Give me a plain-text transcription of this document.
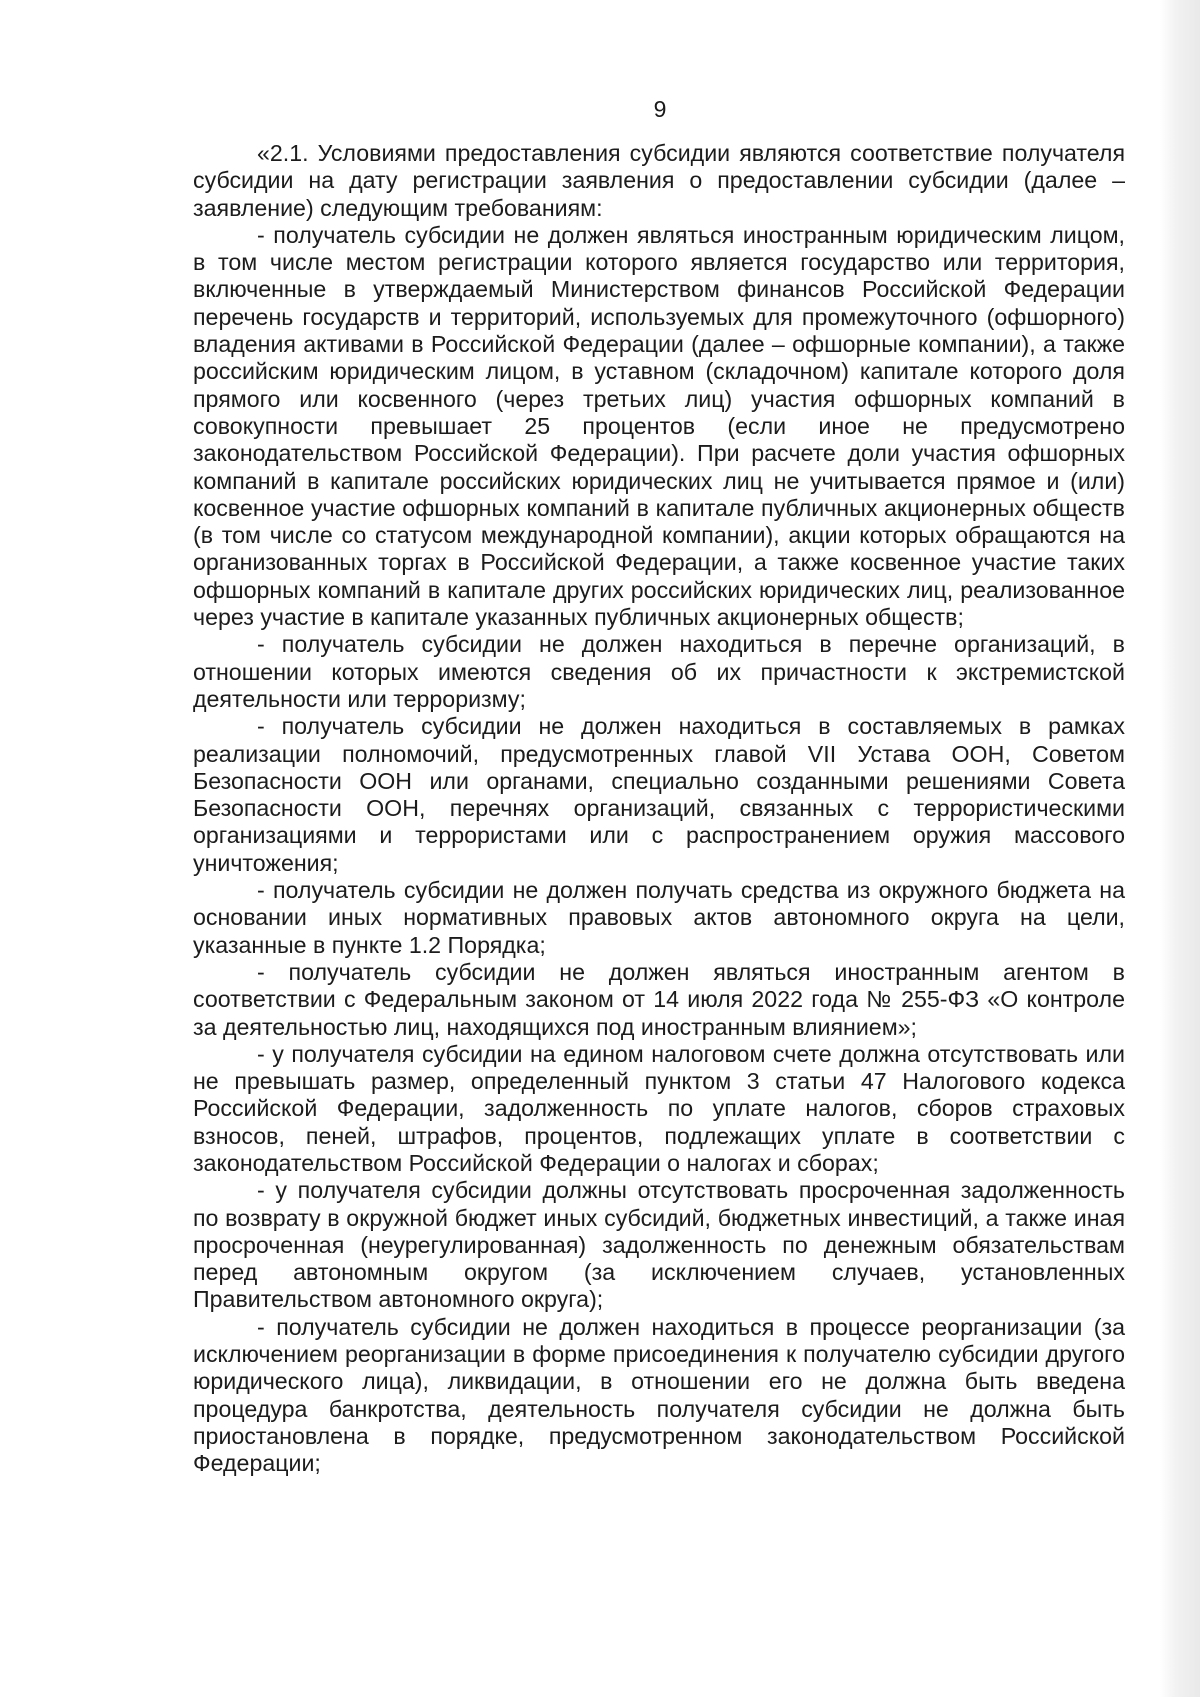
9

«2.1. Условиями предоставления субсидии являются соответствие получателя субсидии на дату регистрации заявления о предоставлении субсидии (далее – заявление) следующим требованиям:

- получатель субсидии не должен являться иностранным юридическим лицом, в том числе местом регистрации которого является государство или территория, включенные в утверждаемый Министерством финансов Российской Федерации перечень государств и территорий, используемых для промежуточного (офшорного) владения активами в Российской Федерации (далее – офшорные компании), а также российским юридическим лицом, в уставном (складочном) капитале которого доля прямого или косвенного (через третьих лиц) участия офшорных компаний в совокупности превышает 25 процентов (если иное не предусмотрено законодательством Российской Федерации). При расчете доли участия офшорных компаний в капитале российских юридических лиц не учитывается прямое и (или) косвенное участие офшорных компаний в капитале публичных акционерных обществ (в том числе со статусом международной компании), акции которых обращаются на организованных торгах в Российской Федерации, а также косвенное участие таких офшорных компаний в капитале других российских юридических лиц, реализованное через участие в капитале указанных публичных акционерных обществ;

- получатель субсидии не должен находиться в перечне организаций, в отношении которых имеются сведения об их причастности к экстремистской деятельности или терроризму;

- получатель субсидии не должен находиться в составляемых в рамках реализации полномочий, предусмотренных главой VII Устава ООН, Советом Безопасности ООН или органами, специально созданными решениями Совета Безопасности ООН, перечнях организаций, связанных с террористическими организациями и террористами или с распространением оружия массового уничтожения;

- получатель субсидии не должен получать средства из окружного бюджета на основании иных нормативных правовых актов автономного округа на цели, указанные в пункте 1.2 Порядка;

- получатель субсидии не должен являться иностранным агентом в соответствии с Федеральным законом от 14 июля 2022 года № 255-ФЗ «О контроле за деятельностью лиц, находящихся под иностранным влиянием»;

- у получателя субсидии на едином налоговом счете должна отсутствовать или не превышать размер, определенный пунктом 3 статьи 47 Налогового кодекса Российской Федерации, задолженность по уплате налогов, сборов страховых взносов, пеней, штрафов, процентов, подлежащих уплате в соответствии с законодательством Российской Федерации о налогах и сборах;

- у получателя субсидии должны отсутствовать просроченная задолженность по возврату в окружной бюджет иных субсидий, бюджетных инвестиций, а также иная просроченная (неурегулированная) задолженность по денежным обязательствам перед автономным округом (за исключением случаев, установленных Правительством автономного округа);

- получатель субсидии не должен находиться в процессе реорганизации (за исключением реорганизации в форме присоединения к получателю субсидии другого юридического лица), ликвидации, в отношении его не должна быть введена процедура банкротства, деятельность получателя субсидии не должна быть приостановлена в порядке, предусмотренном законодательством Российской Федерации;
